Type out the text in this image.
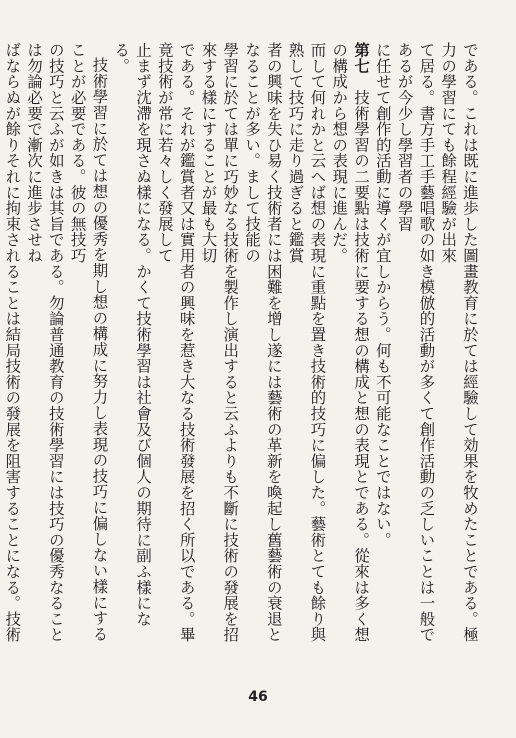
である。これは既に進歩した圖畫教育に於ては經驗して効果を牧めたことである。極力の學習にても餘程經驗が出來
て居る。書方手工手藝唱歌の如き模倣的活動が多くて創作活動の乏しいことは一般であるが今少し學習者の學習
に任せて創作的活動に導くが宜しからう。何も不可能なことではない。
第七　技術學習の二要點は技術に要する想の構成と想の表現とである。從來は多く想の構成から想の表現に進んだ。
而して何れかと云へば想の表現に重點を置き技術的技巧に偏した。藝術とても餘り與熟して技巧に走り過ぎると鑑賞
者の興味を失ひ易く技術者には困難を增し遂には藝術の革新を喚起し舊藝術の衰退となることが多い。まして技能の
學習に於ては單に巧妙なる技術を製作し演出すると云ふよりも不斷に技術の發展を招來する樣にすることが最も大切
である。それが鑑賞者又は實用者の興味を惹き大なる技術發展を招く所以である。畢竟技術が常に若々しく發展して
止まず沈滯を現さぬ樣になる。かくて技術學習は社會及び個人の期待に副ふ樣になる。
技術學習に於ては想の優秀を期し想の構成に努力し表現の技巧に偏しない樣にすることが必要である。彼の無技巧
の技巧と云ふが如きは其旨である。勿論普通教育の技術學習には技巧の優秀なることは勿論必要で漸次に進步させね
ばならぬが餘りそれに拘束されることは結局技術の發展を阻害することになる。技術
46
